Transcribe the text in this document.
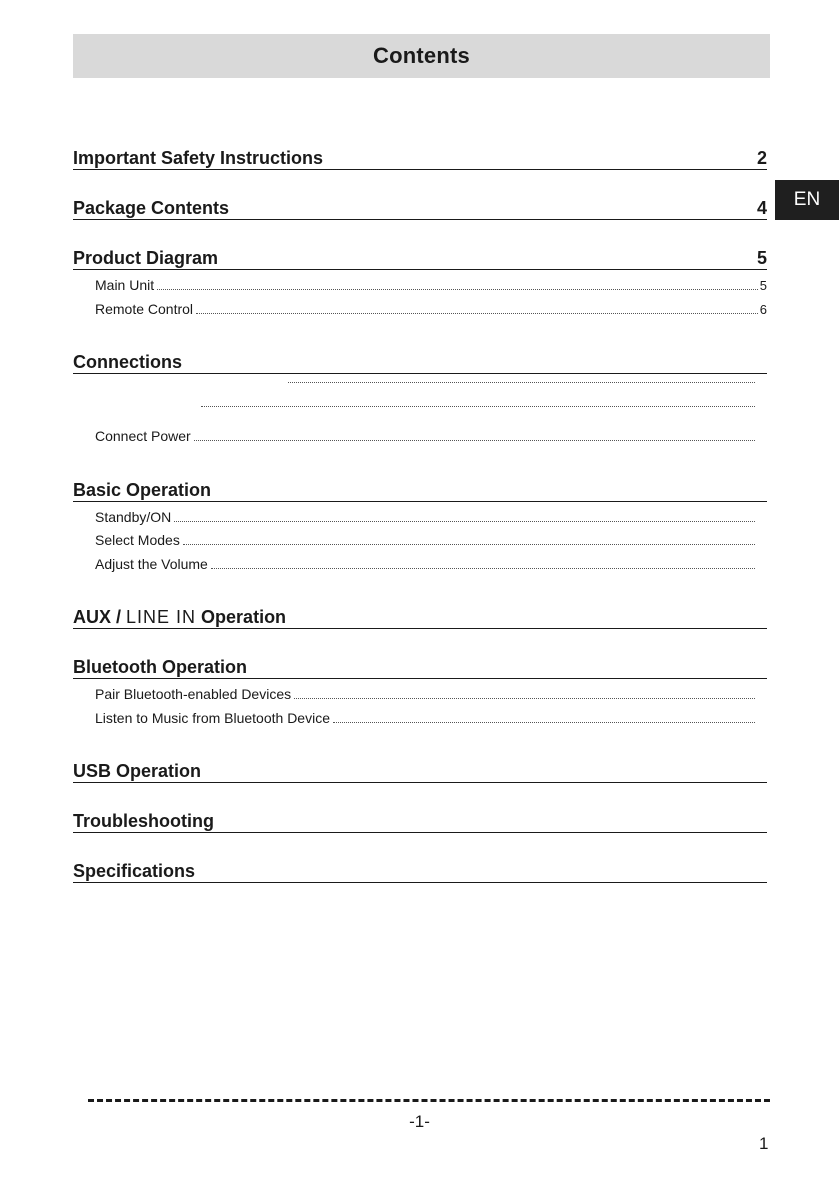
Contents
EN
Important Safety Instructions	2
Package Contents	4
Product Diagram	5
Main Unit	5
Remote Control	6
Connections
Connect Power
Basic Operation
Standby/ON
Select Modes
Adjust the Volume
AUX / LINE IN Operation
Bluetooth Operation
Pair Bluetooth-enabled Devices
Listen to Music from Bluetooth Device
USB Operation
Troubleshooting
Specifications
-1-
1
